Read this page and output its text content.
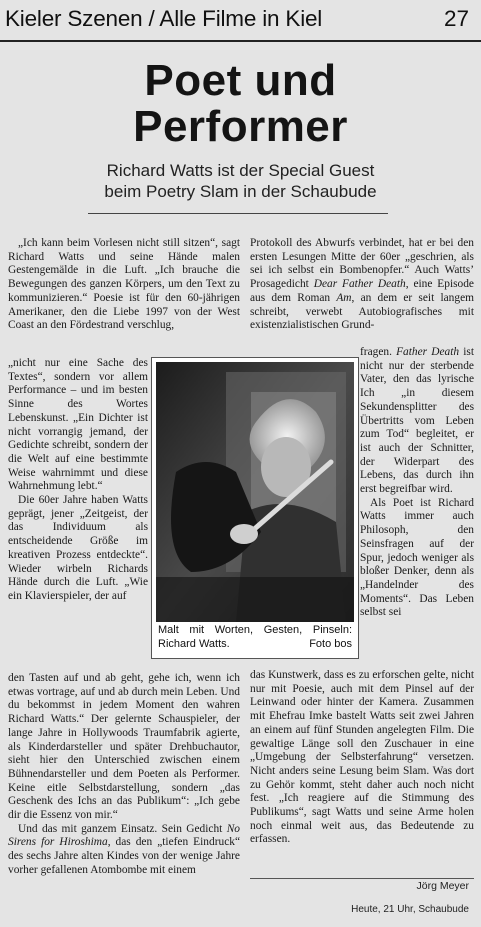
Kieler Szenen / Alle Filme in Kiel	27
Poet und
Performer
Richard Watts ist der Special Guest
beim Poetry Slam in der Schaubude

„Ich kann beim Vorlesen nicht still sitzen“, sagt Richard Watts und seine Hände malen Gestengemälde in die Luft. „Ich brauche die Bewegungen des ganzen Körpers, um den Text zu kommunizieren.“ Poesie ist für den 60-jährigen Amerikaner, den die Liebe 1997 von der West Coast an den Fördestrand verschlug,

„nicht nur eine Sache des Textes“, sondern vor allem Performance – und im besten Sinne des Wortes Lebenskunst. „Ein Dichter ist nicht vorrangig jemand, der Gedichte schreibt, sondern der die Welt auf eine bestimmte Weise wahrnimmt und diese Wahrnehmung lebt.“

Die 60er Jahre haben Watts geprägt, jener „Zeitgeist, der das Individuum als entscheidende Größe im kreativen Prozess entdeckte“. Wieder wirbeln Richards Hände durch die Luft. „Wie ein Klavierspieler, der auf

den Tasten auf und ab geht, gehe ich, wenn ich etwas vortrage, auf und ab durch mein Leben. Und du bekommst in jedem Moment den wahren Richard Watts.“ Der gelernte Schauspieler, der lange Jahre in Hollywoods Traumfabrik agierte, als Kinderdarsteller und später Drehbuchautor, sieht hier den Unterschied zwischen einem Bühnendarsteller und dem Poeten als Performer. Keine eitle Selbstdarstellung, sondern „das Geschenk des Ichs an das Publikum“: „Ich gebe dir die Essenz von mir.“

Und das mit ganzem Einsatz. Sein Gedicht No Sirens for Hiroshima, das den „tiefen Eindruck“ des sechs Jahre alten Kindes von der wenige Jahre vorher gefallenen Atombombe mit einem

Protokoll des Abwurfs verbindet, hat er bei den ersten Lesungen Mitte der 60er „geschrien, als sei ich selbst ein Bombenopfer.“ Auch Watts’ Prosagedicht Dear Father Death, eine Episode aus dem Roman Am, an dem er seit langem schreibt, verwebt Autobiografisches mit existenzialistischen Grund-

fragen. Father Death ist nicht nur der sterbende Vater, den das lyrische Ich „in diesem Sekundensplitter des Übertritts vom Leben zum Tod“ begleitet, er ist auch der Schnitter, der Widerpart des Lebens, das durch ihn erst begreifbar wird.

Als Poet ist Richard Watts immer auch Philosoph, den Seinsfragen auf der Spur, jedoch weniger als bloßer Denker, denn als „Handelnder des Moments“. Das Leben selbst sei

das Kunstwerk, dass es zu erforschen gelte, nicht nur mit Poesie, auch mit dem Pinsel auf der Leinwand oder hinter der Kamera. Zusammen mit Ehefrau Imke bastelt Watts seit zwei Jahren an einem auf fünf Stunden angelegten Film. Die gewaltige Länge soll den Zuschauer in eine „Umgebung der Selbsterfahrung“ versetzen. Nicht anders seine Lesung beim Slam. Was dort zu Gehör kommt, steht daher auch noch nicht fest. „Ich reagiere auf die Stimmung des Publikums“, sagt Watts und seine Arme holen noch einmal weit aus, das Bedeutende zu erfassen.

Malt mit Worten, Gesten, Pinseln: Richard Watts.	Foto bos
Jörg Meyer
Heute, 21 Uhr, Schaubude
